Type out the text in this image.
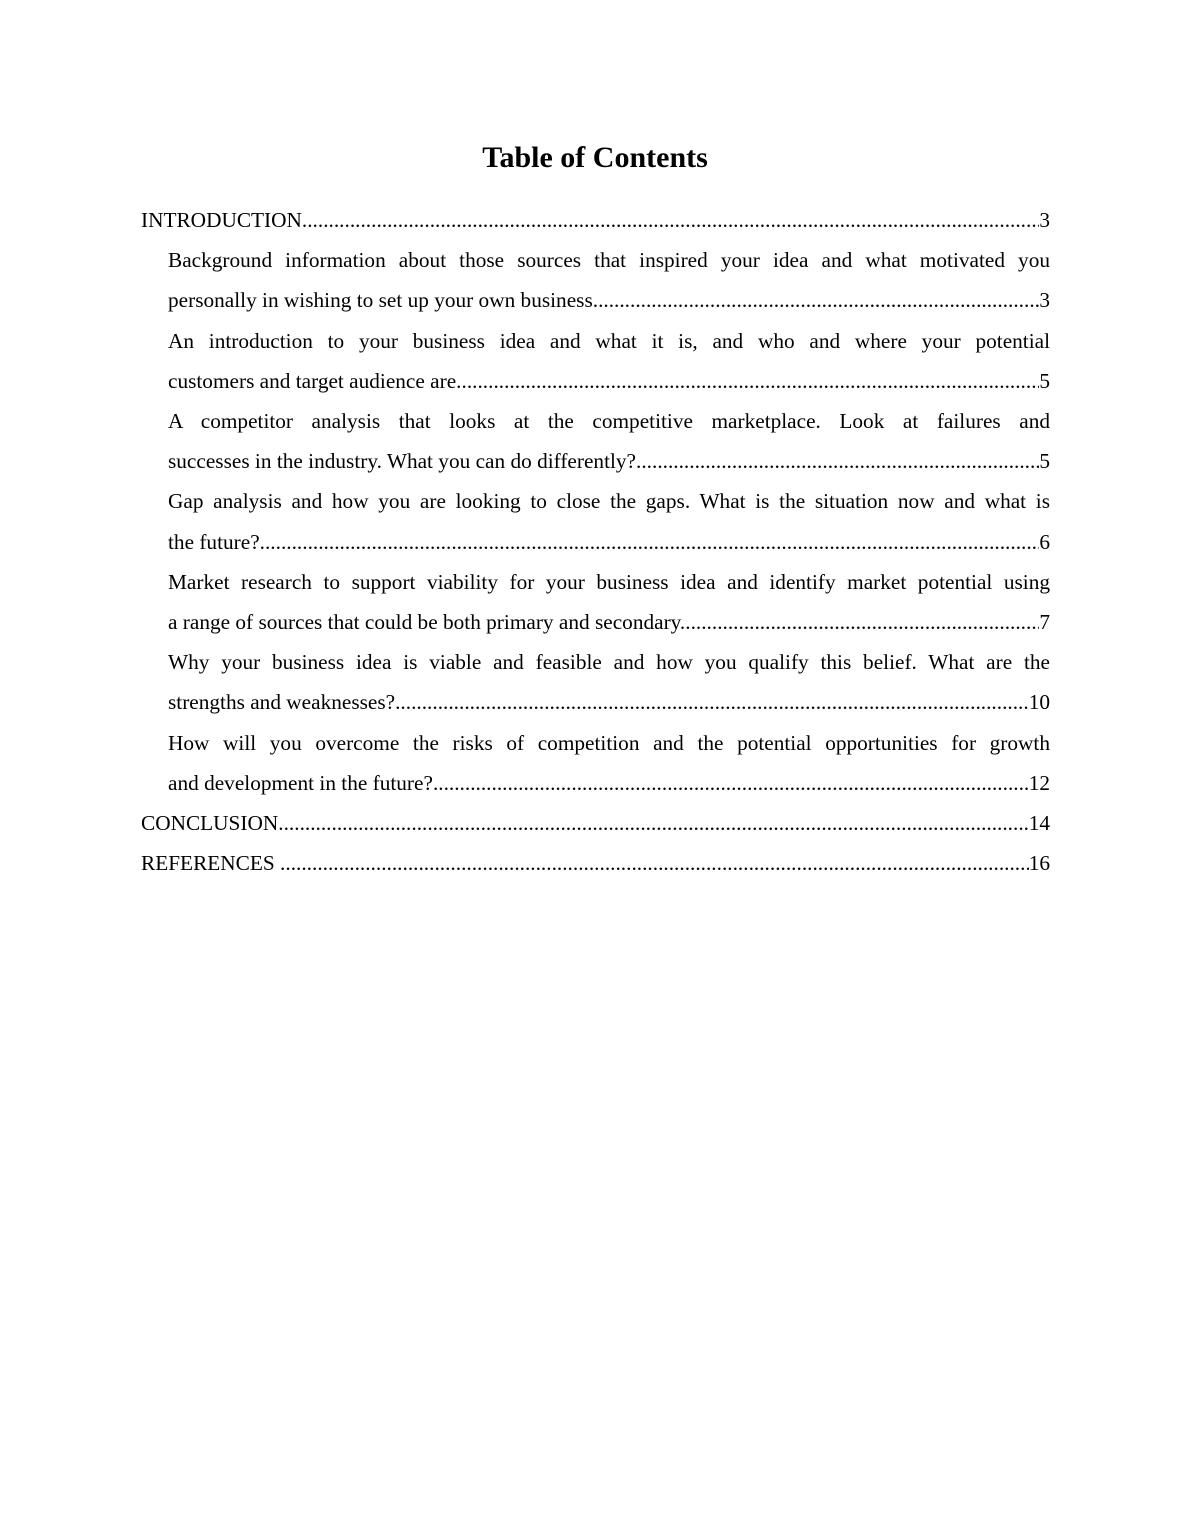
Table of Contents
INTRODUCTION .....	3
Background information about those sources that inspired your idea and what motivated you
personally in wishing to set up your own business. .....	3
An introduction to your business idea and what it is, and who and where your potential
customers and target audience are. .....	5
A competitor analysis that looks at the competitive marketplace. Look at failures and
successes in the industry. What you can do differently? .....	5
Gap analysis and how you are looking to close the gaps. What is the situation now and what is
the future? .....	6
Market research to support viability for your business idea and identify market potential using
a range of sources that could be both primary and secondary. .....	7
Why your business idea is viable and feasible and how you qualify this belief. What are the
strengths and weaknesses? .....	10
How will you overcome the risks of competition and the potential opportunities for growth
and development in the future? .....	12
CONCLUSION .....	14
REFERENCES .....	16
